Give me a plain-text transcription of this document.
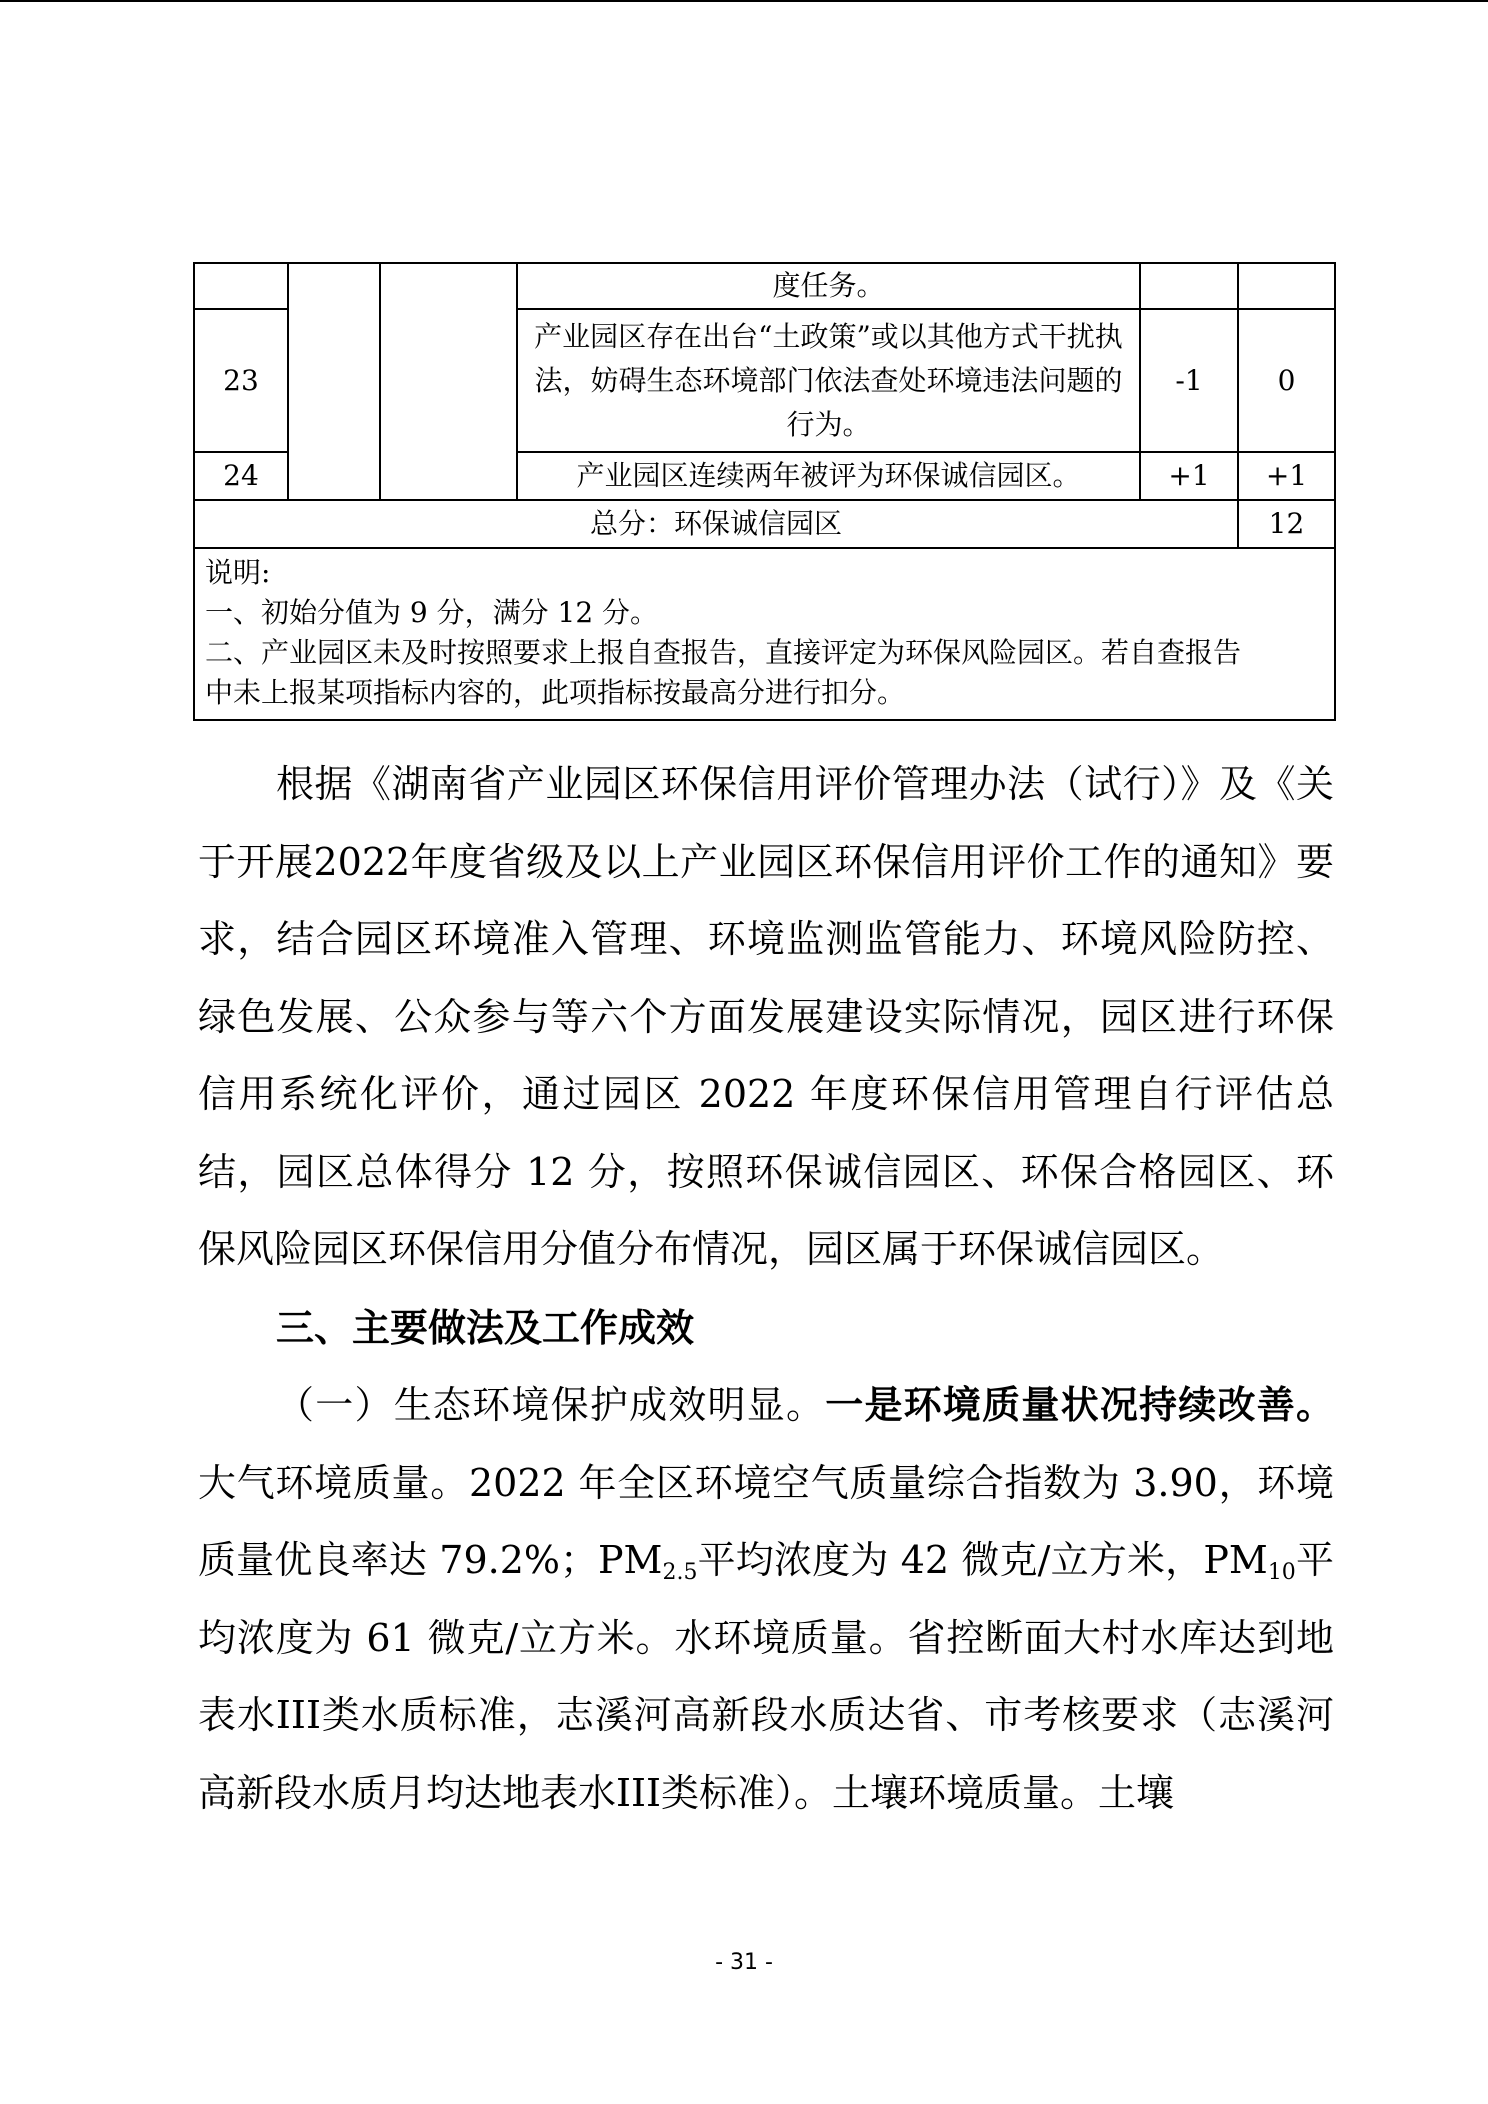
			度任务。		
23			产业园区存在出台“土政策”或以其他方式干扰执法，妨碍生态环境部门依法查处环境违法问题的行为。	-1	0
24			产业园区连续两年被评为环保诚信园区。	+1	+1
总分：环保诚信园区					12

说明:
一、初始分值为 9 分，满分 12 分。
二、产业园区未及时按照要求上报自查报告，直接评定为环保风险园区。若自查报告
中未上报某项指标内容的，此项指标按最高分进行扣分。					

根据《湖南省产业园区环保信用评价管理办法（试行）》及《关于开展2022年度省级及以上产业园区环保信用评价工作的通知》要求，结合园区环境准入管理、环境监测监管能力、环境风险防控、绿色发展、公众参与等六个方面发展建设实际情况，园区进行环保信用系统化评价，通过园区 2022 年度环保信用管理自行评估总结，园区总体得分 12 分，按照环保诚信园区、环保合格园区、环保风险园区环保信用分值分布情况，园区属于环保诚信园区。

三、主要做法及工作成效

（一）生态环境保护成效明显。一是环境质量状况持续改善。大气环境质量。2022 年全区环境空气质量综合指数为 3.90，环境质量优良率达 79.2%；$PM_{2.5}$平均浓度为 42 微克/立方米，$PM_{10}$平均浓度为 61 微克/立方米。水环境质量。省控断面大村水库达到地表水III类水质标准，志溪河高新段水质达省、市考核要求（志溪河高新段水质月均达地表水III类标准）。土壤环境质量。土壤

- 31 -
